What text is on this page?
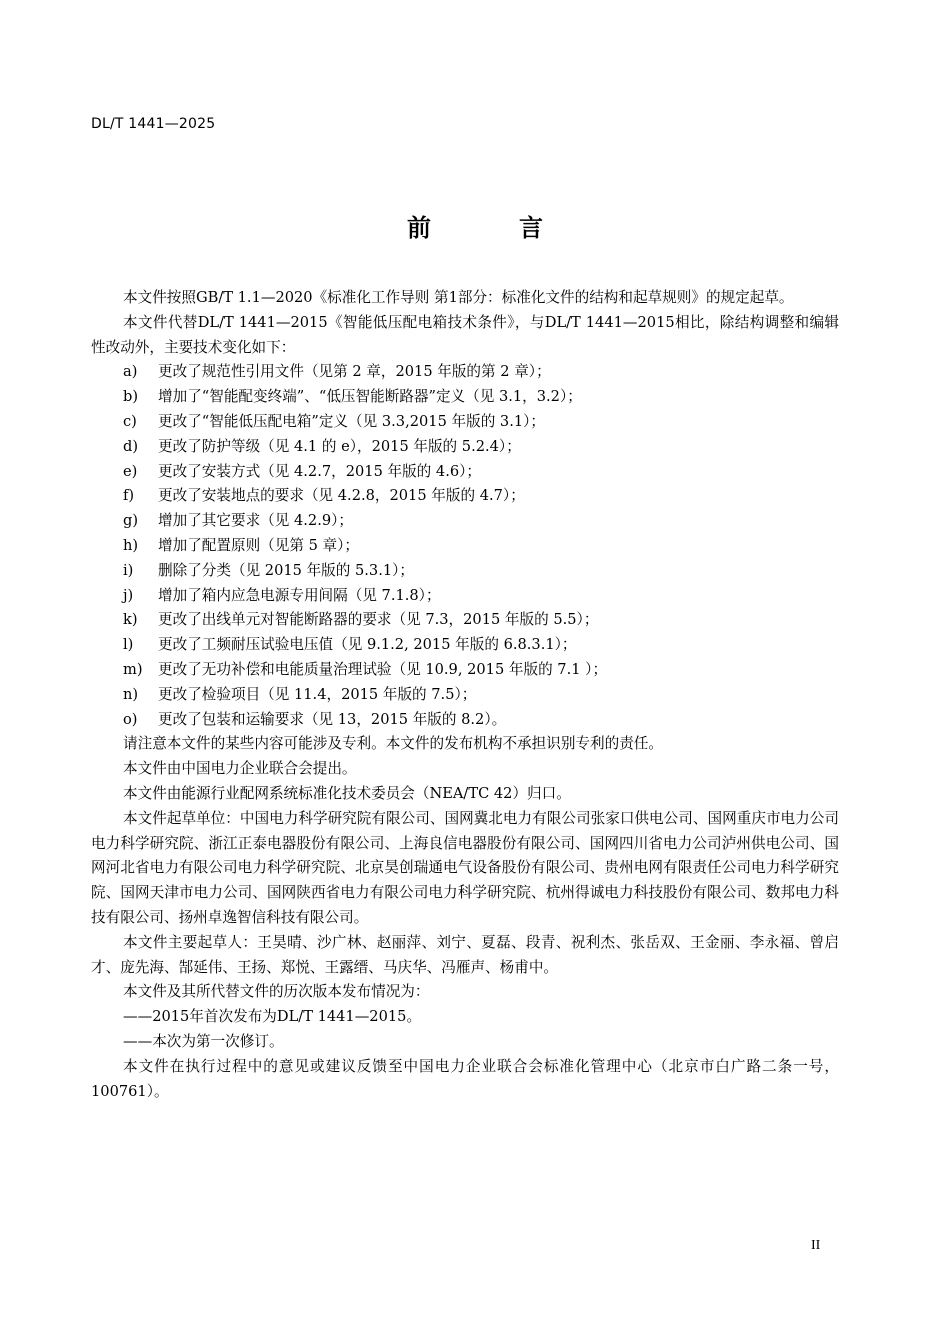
DL/T 1441—2025
前　言

本文件按照GB/T 1.1—2020《标准化工作导则 第1部分：标准化文件的结构和起草规则》的规定起草。

本文件代替DL/T 1441—2015《智能低压配电箱技术条件》，与DL/T 1441—2015相比，除结构调整和编辑性改动外，主要技术变化如下：

a)	更改了规范性引用文件（见第 2 章，2015 年版的第 2 章）；
b)	增加了“智能配变终端”、“低压智能断路器”定义（见 3.1，3.2）；
c)	更改了“智能低压配电箱”定义（见 3.3,2015 年版的 3.1）；
d)	更改了防护等级（见 4.1 的 e），2015 年版的 5.2.4）；
e)	更改了安装方式（见 4.2.7，2015 年版的 4.6）；
f)	更改了安装地点的要求（见 4.2.8，2015 年版的 4.7）；
g)	增加了其它要求（见 4.2.9）；
h)	增加了配置原则（见第 5 章）；
i)	删除了分类（见 2015 年版的 5.3.1）；
j)	增加了箱内应急电源专用间隔（见 7.1.8）；
k)	更改了出线单元对智能断路器的要求（见 7.3，2015 年版的 5.5）；
l)	更改了工频耐压试验电压值（见 9.1.2, 2015 年版的 6.8.3.1）；
m)	更改了无功补偿和电能质量治理试验（见 10.9, 2015 年版的 7.1 ）；
n)	更改了检验项目（见 11.4，2015 年版的 7.5）；
o)	更改了包装和运输要求（见 13，2015 年版的 8.2）。

请注意本文件的某些内容可能涉及专利。本文件的发布机构不承担识别专利的责任。

本文件由中国电力企业联合会提出。

本文件由能源行业配网系统标准化技术委员会（NEA/TC 42）归口。

本文件起草单位：中国电力科学研究院有限公司、国网冀北电力有限公司张家口供电公司、国网重庆市电力公司电力科学研究院、浙江正泰电器股份有限公司、上海良信电器股份有限公司、国网四川省电力公司泸州供电公司、国网河北省电力有限公司电力科学研究院、北京昊创瑞通电气设备股份有限公司、贵州电网有限责任公司电力科学研究院、国网天津市电力公司、国网陕西省电力有限公司电力科学研究院、杭州得诚电力科技股份有限公司、数邦电力科技有限公司、扬州卓逸智信科技有限公司。

本文件主要起草人：王昊晴、沙广林、赵丽萍、刘宁、夏磊、段青、祝利杰、张岳双、王金丽、李永福、曾启才、庞先海、郜延伟、王扬、郑悦、王露缙、马庆华、冯雁声、杨甫中。

本文件及其所代替文件的历次版本发布情况为：

——2015年首次发布为DL/T 1441—2015。

——本次为第一次修订。

本文件在执行过程中的意见或建议反馈至中国电力企业联合会标准化管理中心（北京市白广路二条一号，100761）。

II
